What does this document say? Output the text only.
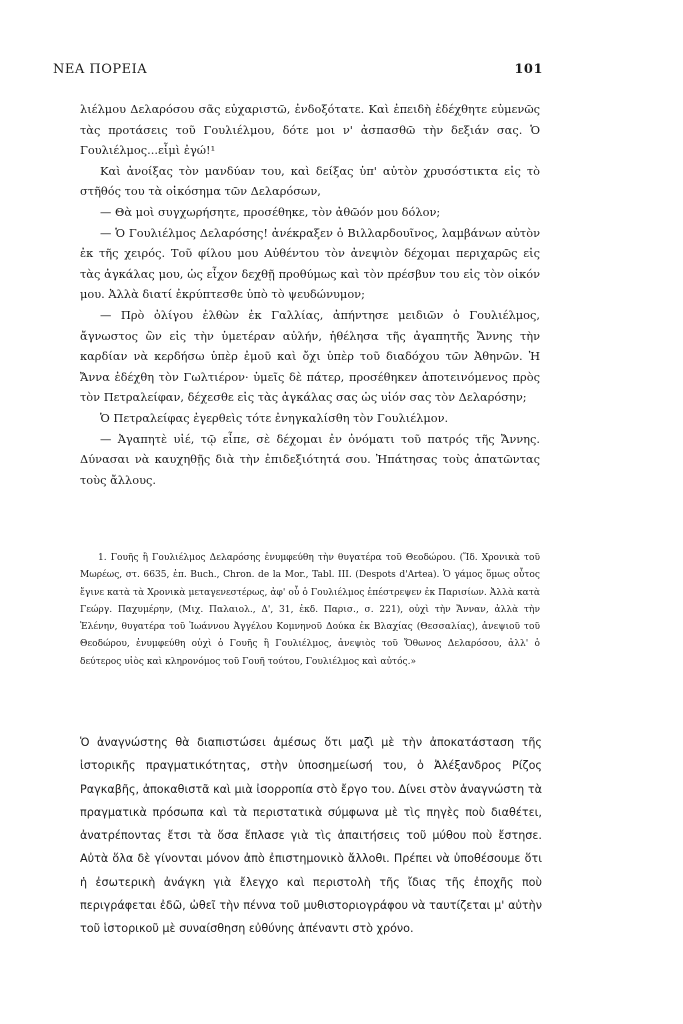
ΝΕΑ ΠΟΡΕΙΑ	101

λιέλμου Δελαρόσου σᾶς εὐχαριστῶ, ἐνδοξότατε. Καὶ ἐπειδὴ ἐδέχθητε εὐμενῶς τὰς προτάσεις τοῦ Γουλιέλμου, δότε μοι ν' ἀσπασθῶ τὴν δεξιάν σας. Ὁ Γουλιέλμος...εἶμὶ ἐγώ!¹

Καὶ ἀνοίξας τὸν μανδύαν του, καὶ δείξας ὑπ' αὐτὸν χρυσόστικτα εἰς τὸ στῆθός του τὰ οἰκόσημα τῶν Δελαρόσων,

— Θὰ μοὶ συγχωρήσητε, προσέθηκε, τὸν ἀθῶόν μου δόλον;

— Ὁ Γουλιέλμος Δελαρόσης! ἀνέκραξεν ὁ Βιλλαρδουῖνος, λαμβάνων αὐτὸν ἐκ τῆς χειρός. Τοῦ φίλου μου Αὐθέντου τὸν ἀνεψιὸν δέχομαι περιχαρῶς εἰς τὰς ἀγκάλας μου, ὡς εἶχον δεχθῇ προθύμως καὶ τὸν πρέσβυν του εἰς τὸν οἰκόν μου. Ἀλλὰ διατί ἐκρύπτεσθε ὑπὸ τὸ ψευδώνυμον;

— Πρὸ ὀλίγου ἐλθὼν ἐκ Γαλλίας, ἀπήντησε μειδιῶν ὁ Γουλιέλμος, ἄγνωστος ὢν εἰς τὴν ὑμετέραν αὐλήν, ἠθέλησα τῆς ἀγαπητῆς Ἄννης τὴν καρδίαν νὰ κερδήσω ὑπὲρ ἐμοῦ καὶ ὄχι ὑπὲρ τοῦ διαδόχου τῶν Ἀθηνῶν. Ἡ Ἄννα ἐδέχθη τὸν Γωλτιέρον· ὑμεῖς δὲ πάτερ, προσέθηκεν ἀποτεινόμενος πρὸς τὸν Πετραλείφαν, δέχεσθε εἰς τὰς ἀγκάλας σας ὡς υἱόν σας τὸν Δελαρόσην;

Ὁ Πετραλείφας ἐγερθεὶς τότε ἐνηγκαλίσθη τὸν Γουλιέλμον.

— Ἀγαπητὲ υἱέ, τῷ εἶπε, σὲ δέχομαι ἐν ὀνόματι τοῦ πατρός τῆς Ἄννης. Δύνασαι νὰ καυχηθῇς διὰ τὴν ἐπιδεξιότητά σου. Ἠπάτησας τοὺς ἀπατῶντας τοὺς ἄλλους.

1. Γουῆς ἢ Γουλιέλμος Δελαρόσης ἐνυμφεύθη τὴν θυγατέρα τοῦ Θεοδώρου. (Ἴδ. Χρονικὰ τοῦ Μωρέως, στ. 6635, ἐπ. Buch., Chron. de la Mor., Tabl. III. (Despots d'Artea). Ὁ γάμος ὅμως οὗτος ἔγινε κατὰ τὰ Χρονικὰ μεταγενεστέρως, ἀφ' οὗ ὁ Γουλιέλμος ἐπέστρεψεν ἐκ Παρισίων. Ἀλλὰ κατὰ Γεώργ. Παχυμέρην, (Μιχ. Παλαιολ., Δ', 31, ἐκδ. Παρισ., σ. 221), οὐχὶ τὴν Ἄνναν, ἀλλὰ τὴν Ἑλένην, θυγατέρα τοῦ Ἰωάννου Ἀγγέλου Κομνηνοῦ Δούκα ἐκ Βλαχίας (Θεσσαλίας), ἀνεψιοῦ τοῦ Θεοδώρου, ἐνυμφεύθη οὐχὶ ὁ Γουῆς ἢ Γουλιέλμος, ἀνεψιὸς τοῦ Ὄθωνος Δελαρόσου, ἀλλ' ὁ δεύτερος υἱὸς καὶ κληρονόμος τοῦ Γουῆ τούτου, Γουλιέλμος καὶ αὐτός.»

Ὁ ἀναγνώστης θὰ διαπιστώσει ἀμέσως ὅτι μαζὶ μὲ τὴν ἀποκατάσταση τῆς ἱστορικῆς πραγματικότητας, στὴν ὑποσημείωσή του, ὁ Ἀλέξανδρος Ρίζος Ραγκαβῆς, ἀποκαθιστᾶ καὶ μιὰ ἰσορροπία στὸ ἔργο του. Δίνει στὸν ἀναγνώστη τὰ πραγματικὰ πρόσωπα καὶ τὰ περιστατικὰ σύμφωνα μὲ τὶς πηγὲς ποὺ διαθέτει, ἀνατρέποντας ἔτσι τὰ ὅσα ἔπλασε γιὰ τὶς ἀπαιτήσεις τοῦ μύθου ποὺ ἔστησε. Αὐτὰ ὅλα δὲ γίνονται μόνον ἀπὸ ἐπιστημονικὸ ἄλλοθι. Πρέπει νὰ ὑποθέσουμε ὅτι ἡ ἐσωτερικὴ ἀνάγκη γιὰ ἔλεγχο καὶ περιστολὴ τῆς ἴδιας τῆς ἐποχῆς ποὺ περιγράφεται ἐδῶ, ὠθεῖ τὴν πέννα τοῦ μυθιστοριογράφου νὰ ταυτίζεται μ' αὐτὴν τοῦ ἱστορικοῦ μὲ συναίσθηση εὐθύνης ἀπέναντι στὸ χρόνο.
